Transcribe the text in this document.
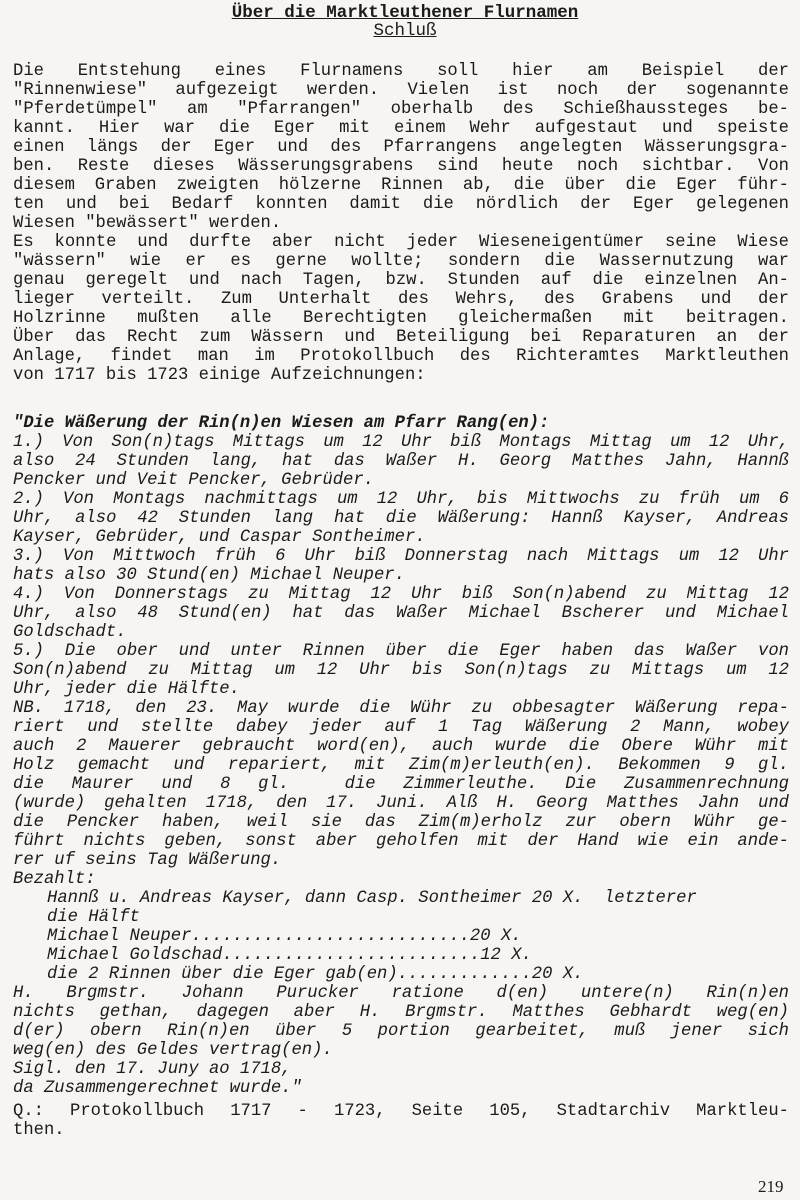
Über die Marktleuthener Flurnamen
Schluß
Die Entstehung eines Flurnamens soll hier am Beispiel der
"Rinnenwiese" aufgezeigt werden. Vielen ist noch der sogenannte
"Pferdetümpel" am "Pfarrangen" oberhalb des Schießhaussteges be-
kannt. Hier war die Eger mit einem Wehr aufgestaut und speiste
einen längs der Eger und des Pfarrangens angelegten Wässerungsgra-
ben. Reste dieses Wässerungsgrabens sind heute noch sichtbar. Von
diesem Graben zweigten hölzerne Rinnen ab, die über die Eger führ-
ten und bei Bedarf konnten damit die nördlich der Eger gelegenen
Wiesen "bewässert" werden.
Es konnte und durfte aber nicht jeder Wieseneigentümer seine Wiese
"wässern" wie er es gerne wollte; sondern die Wassernutzung war
genau geregelt und nach Tagen, bzw. Stunden auf die einzelnen An-
lieger verteilt. Zum Unterhalt des Wehrs, des Grabens und der
Holzrinne mußten alle Berechtigten gleichermaßen mit beitragen.
Über das Recht zum Wässern und Beteiligung bei Reparaturen an der
Anlage, findet man im Protokollbuch des Richteramtes Marktleuthen
von 1717 bis 1723 einige Aufzeichnungen:
"Die Wäßerung der Rin(n)en Wiesen am Pfarr Rang(en):
1.) Von Son(n)tags Mittags um 12 Uhr biß Montags Mittag um 12 Uhr,
also 24 Stunden lang, hat das Waßer H. Georg Matthes Jahn, Hannß
Pencker und Veit Pencker, Gebrüder.
2.) Von Montags nachmittags um 12 Uhr, bis Mittwochs zu früh um 6
Uhr, also 42 Stunden lang hat die Wäßerung: Hannß Kayser, Andreas
Kayser, Gebrüder, und Caspar Sontheimer.
3.) Von Mittwoch früh 6 Uhr biß Donnerstag nach Mittags um 12 Uhr
hats also 30 Stund(en) Michael Neuper.
4.) Von Donnerstags zu Mittag 12 Uhr biß Son(n)abend zu Mittag 12
Uhr, also 48 Stund(en) hat das Waßer Michael Bscherer und Michael
Goldschadt.
5.) Die ober und unter Rinnen über die Eger haben das Waßer von
Son(n)abend zu Mittag um 12 Uhr bis Son(n)tags zu Mittags um 12
Uhr, jeder die Hälfte.
NB. 1718, den 23. May wurde die Wühr zu obbesagter Wäßerung repa-
riert und stellte dabey jeder auf 1 Tag Wäßerung 2 Mann, wobey
auch 2 Mauerer gebraucht word(en), auch wurde die Obere Wühr mit
Holz gemacht und repariert, mit Zim(m)erleuth(en). Bekommen 9 gl.
die Maurer und 8 gl.  die Zimmerleuthe. Die Zusammenrechnung
(wurde) gehalten 1718, den 17. Juni. Alß H. Georg Matthes Jahn und
die Pencker haben, weil sie das Zim(m)erholz zur obern Wühr ge-
führt nichts geben, sonst aber geholfen mit der Hand wie ein ande-
rer uf seins Tag Wäßerung.
Bezahlt:
Hannß u. Andreas Kayser, dann Casp. Sontheimer 20 X.  letzterer
die Hälft
Michael Neuper...........................20 X.
Michael Goldschad.........................12 X.
die 2 Rinnen über die Eger gab(en).............20 X.
H. Brgmstr. Johann Purucker ratione d(en) untere(n) Rin(n)en
nichts gethan, dagegen aber H. Brgmstr. Matthes Gebhardt weg(en)
d(er) obern Rin(n)en über 5 portion gearbeitet, muß jener sich
weg(en) des Geldes vertrag(en).
Sigl. den 17. Juny ao 1718,
da Zusammengerechnet wurde."
Q.: Protokollbuch 1717 - 1723, Seite 105, Stadtarchiv Marktleu-
then.
219
